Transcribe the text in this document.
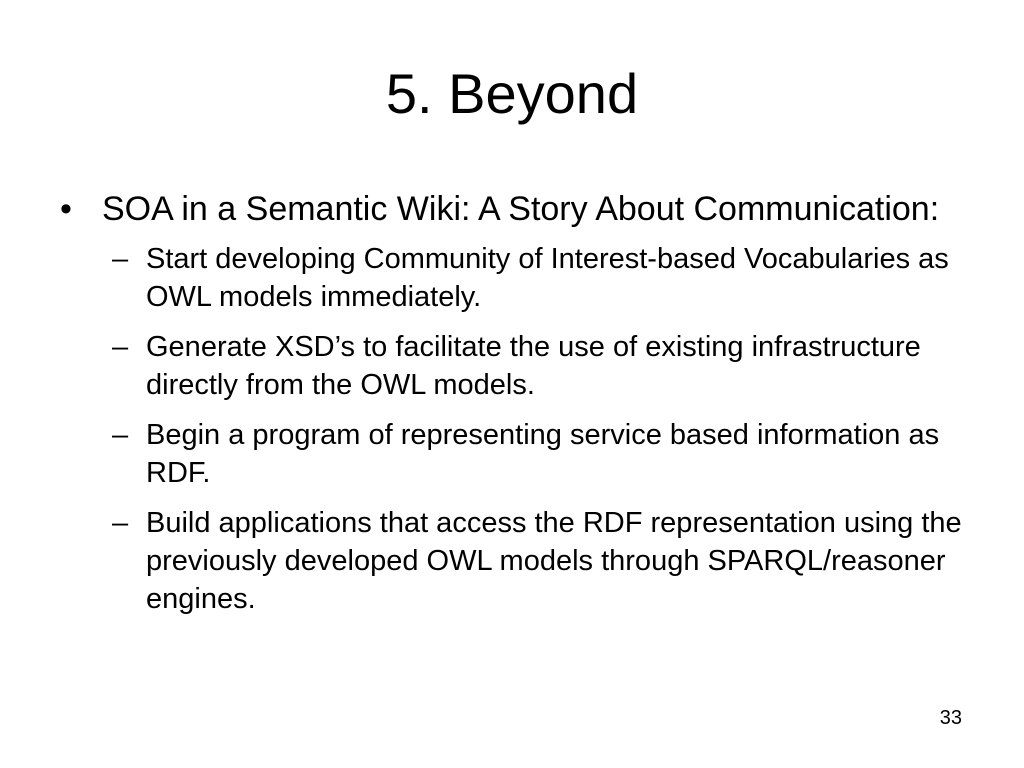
5. Beyond
• SOA in a Semantic Wiki: A Story About Communication:
– Start developing Community of Interest-based Vocabularies as OWL models immediately.
– Generate XSD’s to facilitate the use of existing infrastructure directly from the OWL models.
– Begin a program of representing service based information as RDF.
– Build applications that access the RDF representation using the previously developed OWL models through SPARQL/reasoner engines.
33
